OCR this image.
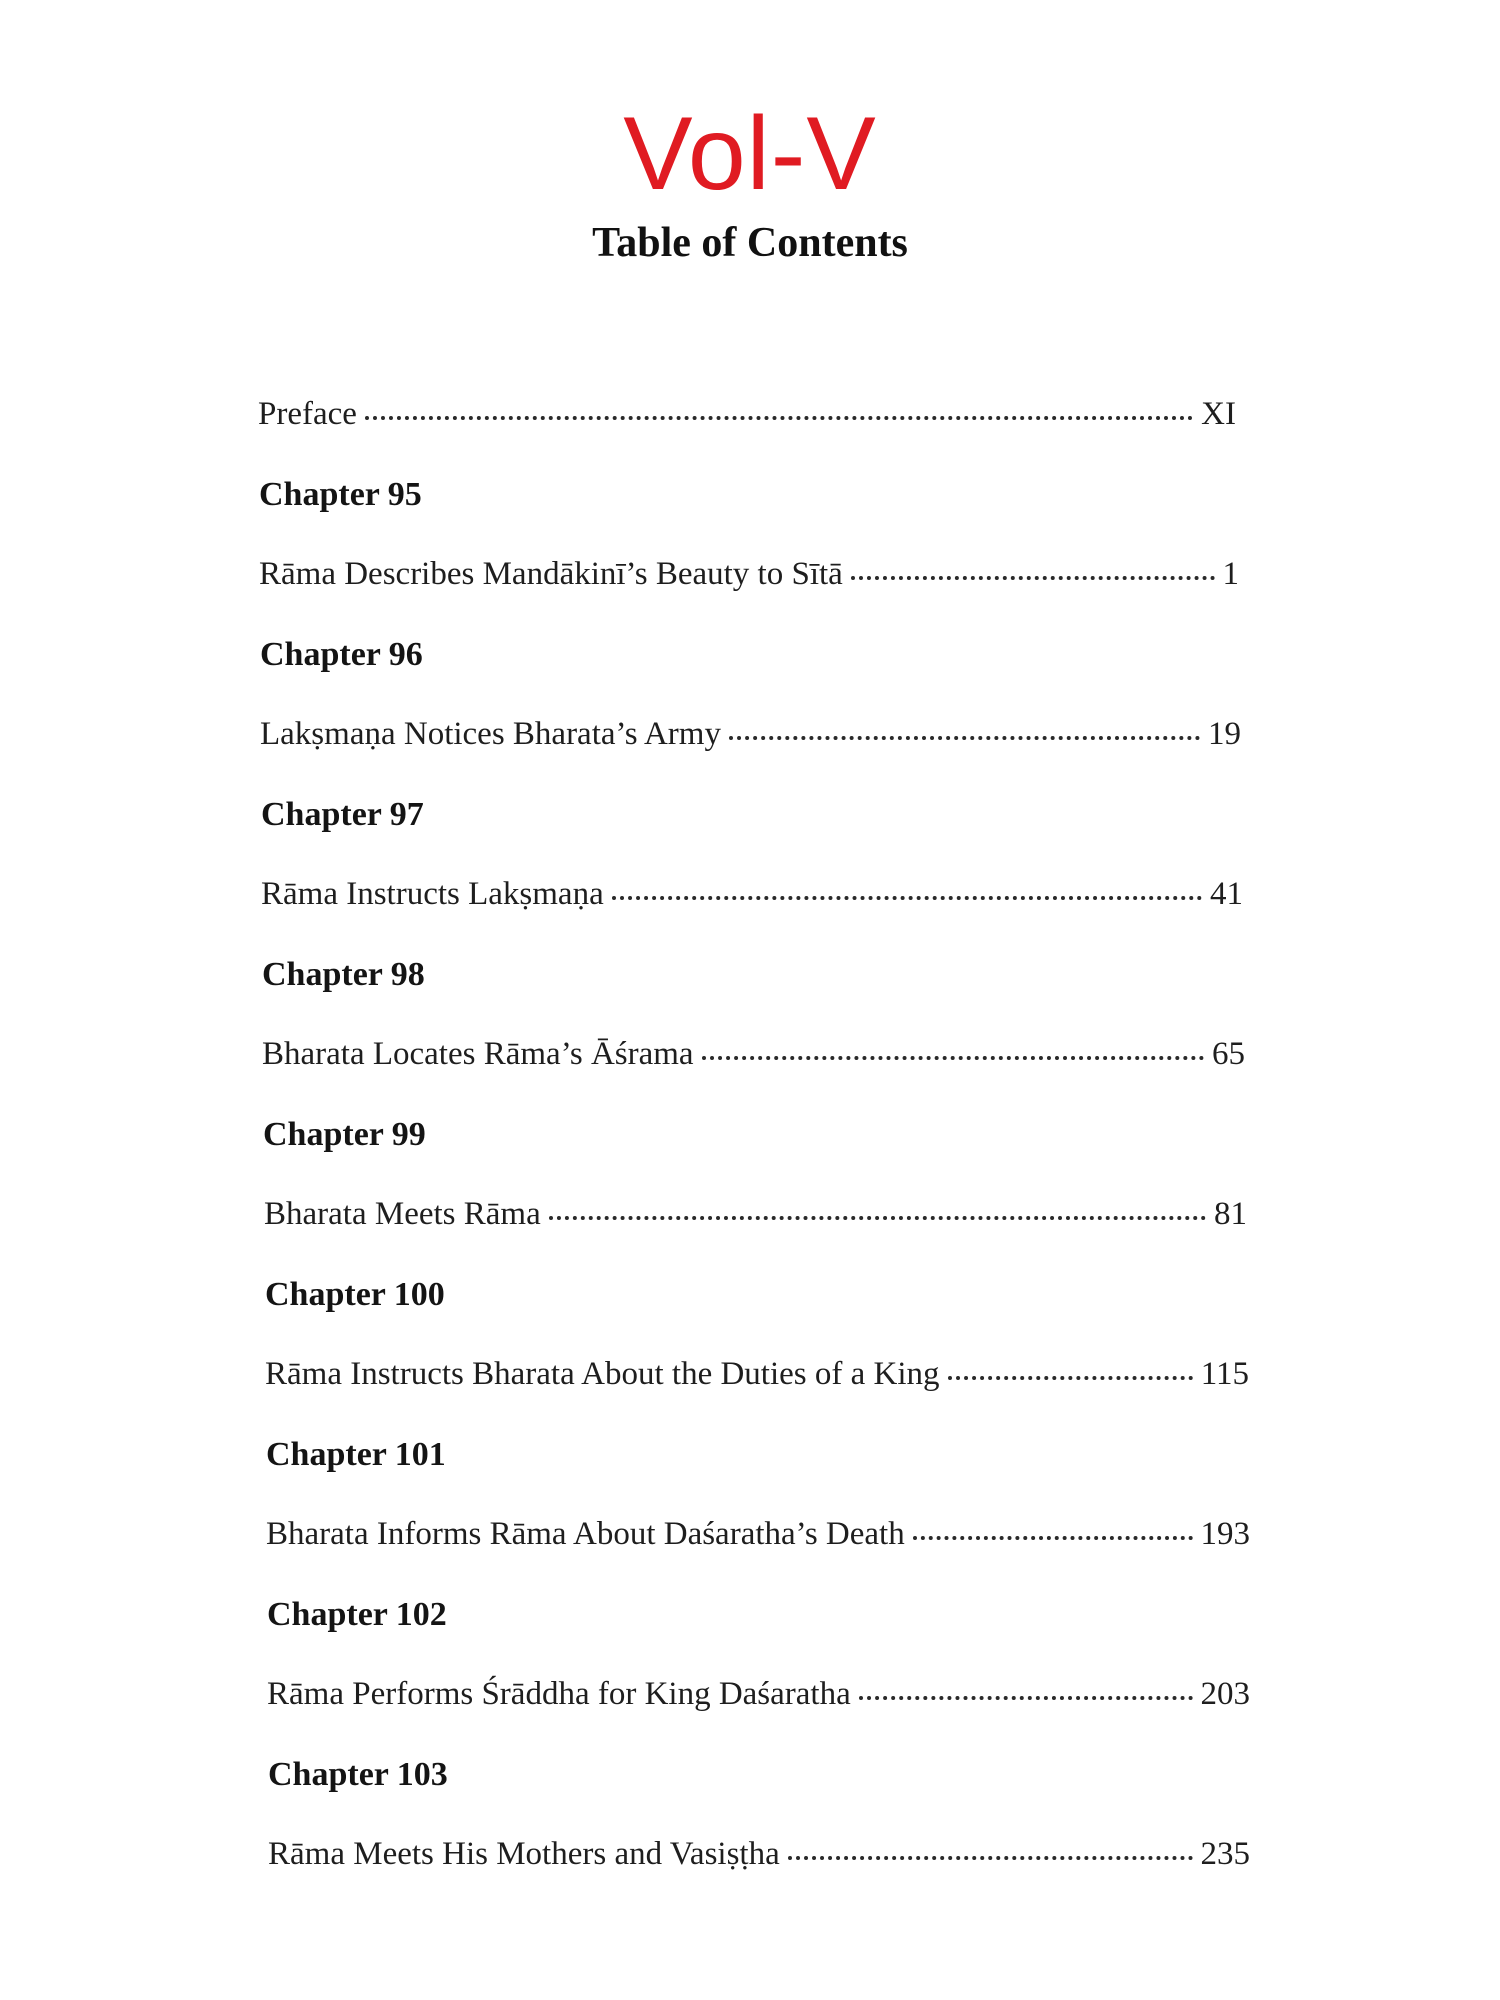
Vol-V
Table of Contents
Preface	XI
Chapter 95
Rāma Describes Mandākinī’s Beauty to Sītā	1
Chapter 96
Lakṣmaṇa Notices Bharata’s Army	19
Chapter 97
Rāma Instructs Lakṣmaṇa	41
Chapter 98
Bharata Locates Rāma’s Āśrama	65
Chapter 99
Bharata Meets Rāma	81
Chapter 100
Rāma Instructs Bharata About the Duties of a King	115
Chapter 101
Bharata Informs Rāma About Daśaratha’s Death	193
Chapter 102
Rāma Performs Śrāddha for King Daśaratha	203
Chapter 103
Rāma Meets His Mothers and Vasiṣṭha	235
